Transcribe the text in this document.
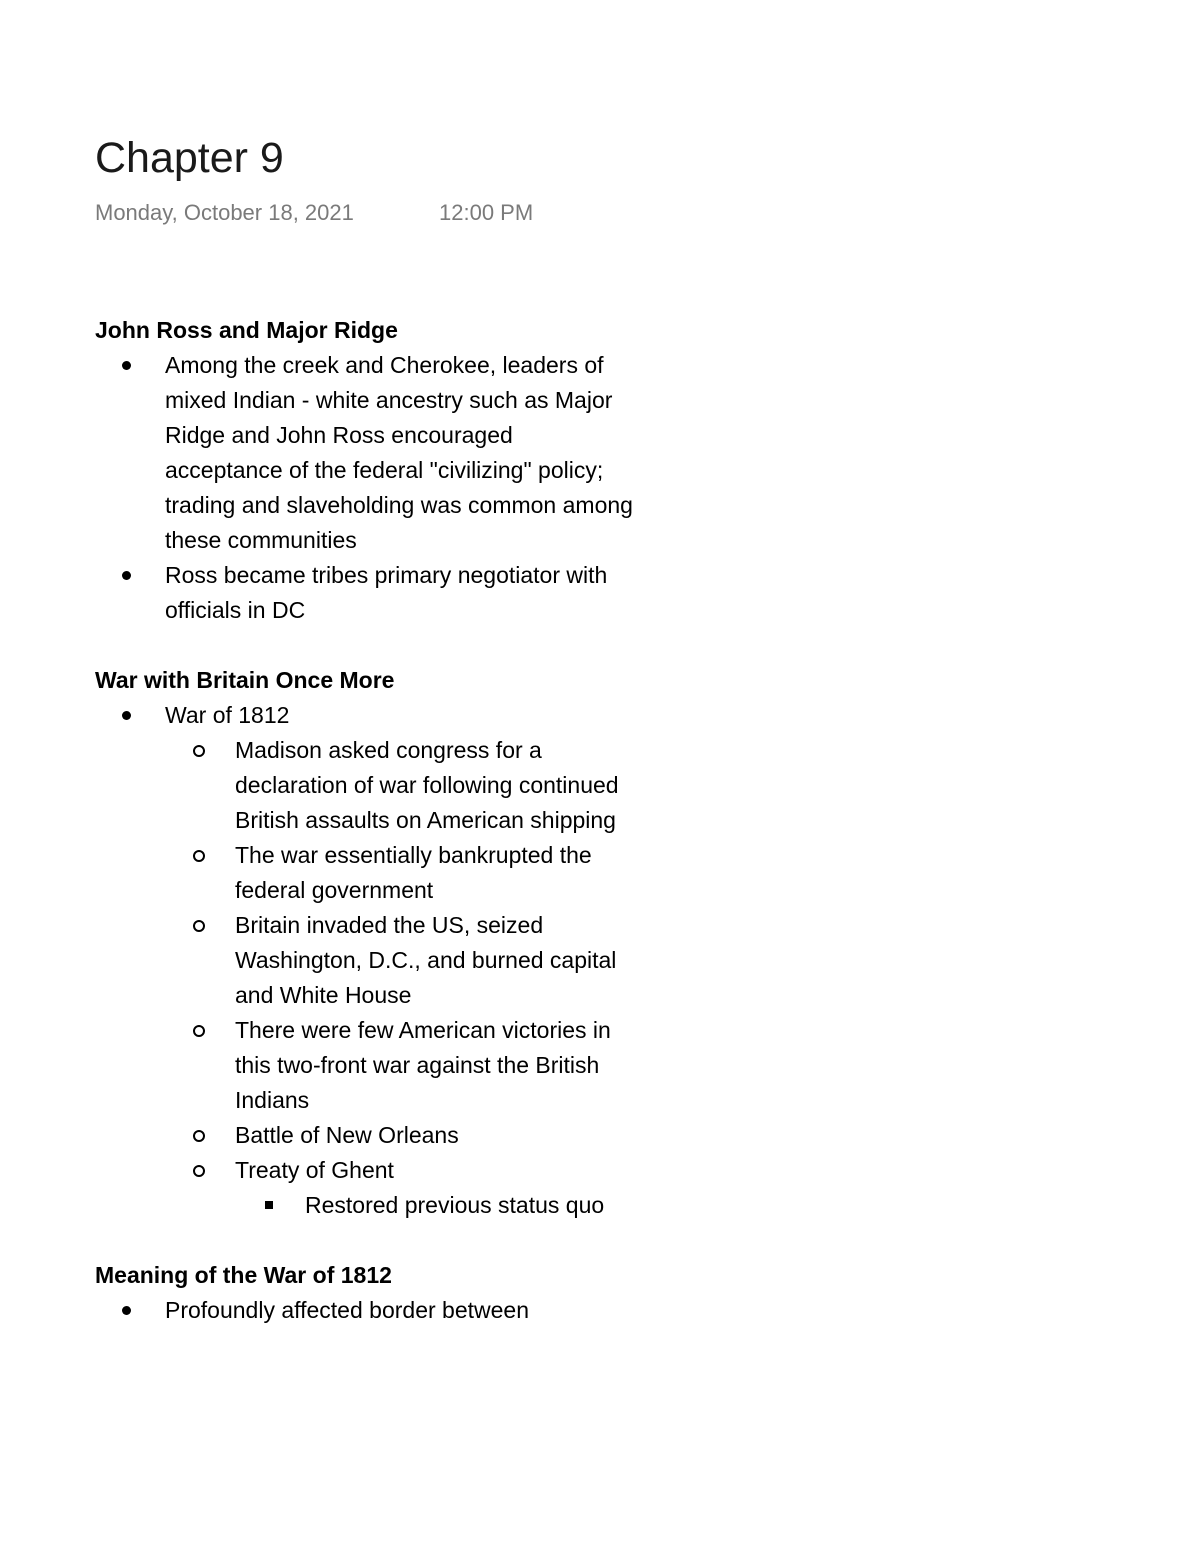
Chapter 9
Monday, October 18, 2021	12:00 PM

John Ross and Major Ridge

Among the creek and Cherokee, leaders of mixed Indian - white ancestry such as Major Ridge and John Ross encouraged acceptance of the federal "civilizing" policy; trading and slaveholding was common among these communities
Ross became tribes primary negotiator with officials in DC

War with Britain Once More

War of 1812
Madison asked congress for a declaration of war following continued British assaults on American shipping
The war essentially bankrupted the federal government
Britain invaded the US, seized Washington, D.C., and burned capital and White House
There were few American victories in this two-front war against the British Indians
Battle of New Orleans
Treaty of Ghent
Restored previous status quo

Meaning of the War of 1812

Profoundly affected border between
